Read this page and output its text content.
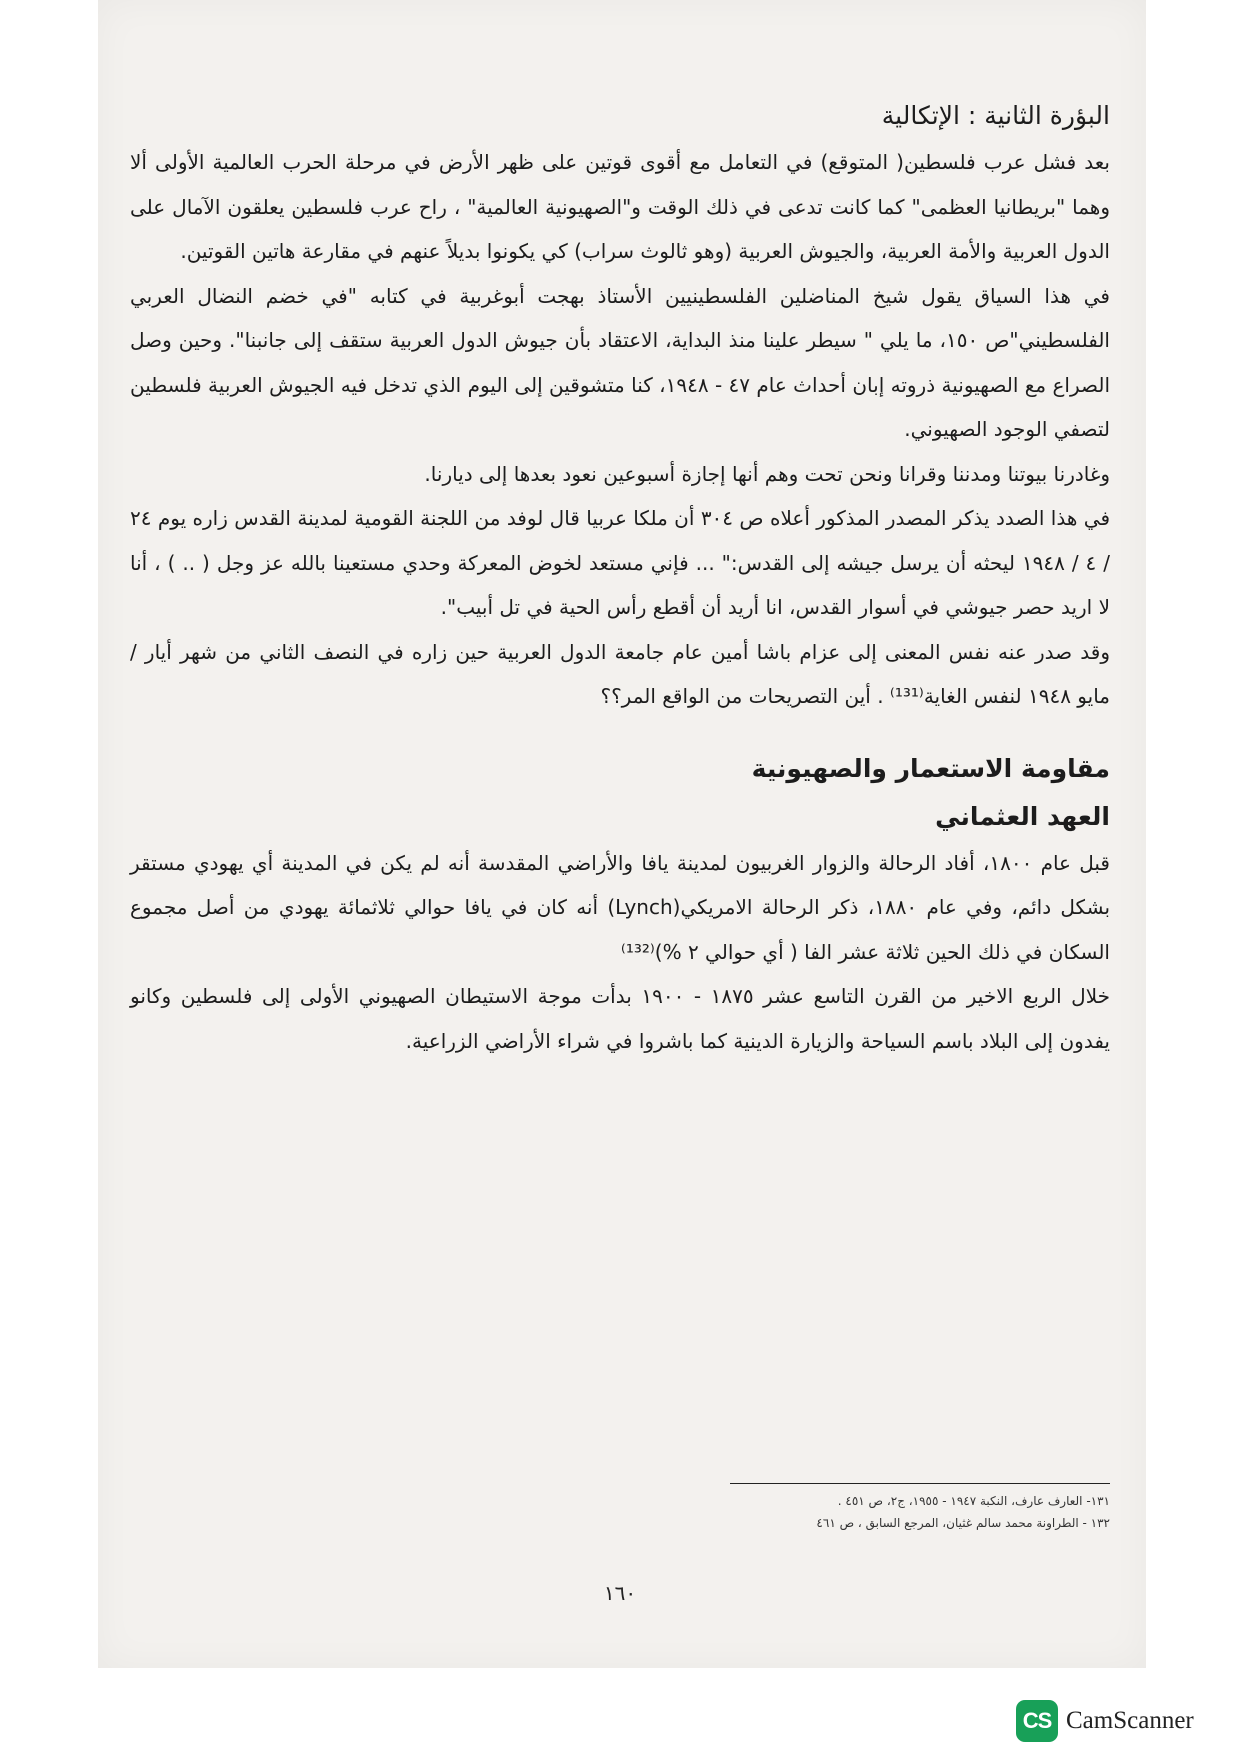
البؤرة الثانية : الإتكالية

بعد فشل عرب فلسطين( المتوقع) في التعامل مع أقوى قوتين على ظهر الأرض في مرحلة الحرب العالمية الأولى ألا وهما "بريطانيا العظمى" كما كانت تدعى في ذلك الوقت و"الصهيونية العالمية" ، راح عرب فلسطين يعلقون الآمال على الدول العربية والأمة العربية، والجيوش العربية (وهو ثالوث سراب) كي يكونوا بديلاً عنهم في مقارعة هاتين القوتين.

في هذا السياق يقول شيخ المناضلين الفلسطينيين الأستاذ بهجت أبوغربية في كتابه "في خضم النضال العربي الفلسطيني"ص ١٥٠، ما يلي " سيطر علينا منذ البداية، الاعتقاد بأن جيوش الدول العربية ستقف إلى جانبنا". وحين وصل الصراع مع الصهيونية ذروته إبان أحداث عام ٤٧ - ١٩٤٨، كنا متشوقين إلى اليوم الذي تدخل فيه الجيوش العربية فلسطين لتصفي الوجود الصهيوني.

وغادرنا بيوتنا ومدننا وقرانا ونحن تحت وهم أنها إجازة أسبوعين نعود بعدها إلى ديارنا.

في هذا الصدد يذكر المصدر المذكور أعلاه ص ٣٠٤ أن ملكا عربيا قال لوفد من اللجنة القومية لمدينة القدس زاره يوم ٢٤ / ٤ / ١٩٤٨ ليحثه أن يرسل جيشه إلى القدس:" ... فإني مستعد لخوض المعركة وحدي مستعينا بالله عز وجل ( .. ) ، أنا لا اريد حصر جيوشي في أسوار القدس، انا أريد أن أقطع رأس الحية في تل أبيب".

وقد صدر عنه نفس المعنى إلى عزام باشا أمين عام جامعة الدول العربية حين زاره في النصف الثاني من شهر أيار / مايو ١٩٤٨ لنفس الغاية⁽¹³¹⁾ . أين التصريحات من الواقع المر؟؟

مقاومة الاستعمار والصهيونية
العهد العثماني

قبل عام ١٨٠٠، أفاد الرحالة والزوار الغربيون لمدينة يافا والأراضي المقدسة أنه لم يكن في المدينة أي يهودي مستقر بشكل دائم، وفي عام ١٨٨٠، ذكر الرحالة الامريكي(Lynch) أنه كان في يافا حوالي ثلاثمائة يهودي من أصل مجموع السكان في ذلك الحين ثلاثة عشر الفا ( أي حوالي ٢ %)⁽¹³²⁾

خلال الربع الاخير من القرن التاسع عشر ١٨٧٥ - ١٩٠٠ بدأت موجة الاستيطان الصهيوني الأولى إلى فلسطين وكانو يفدون إلى البلاد باسم السياحة والزيارة الدينية كما باشروا في شراء الأراضي الزراعية.

١٣١- العارف عارف، النكبة ١٩٤٧ - ١٩٥٥، ج٢، ص ٤٥١ .
١٣٢ - الطراونة محمد سالم غثيان، المرجع السابق ، ص ٤٦١
١٦٠
CS CamScanner
